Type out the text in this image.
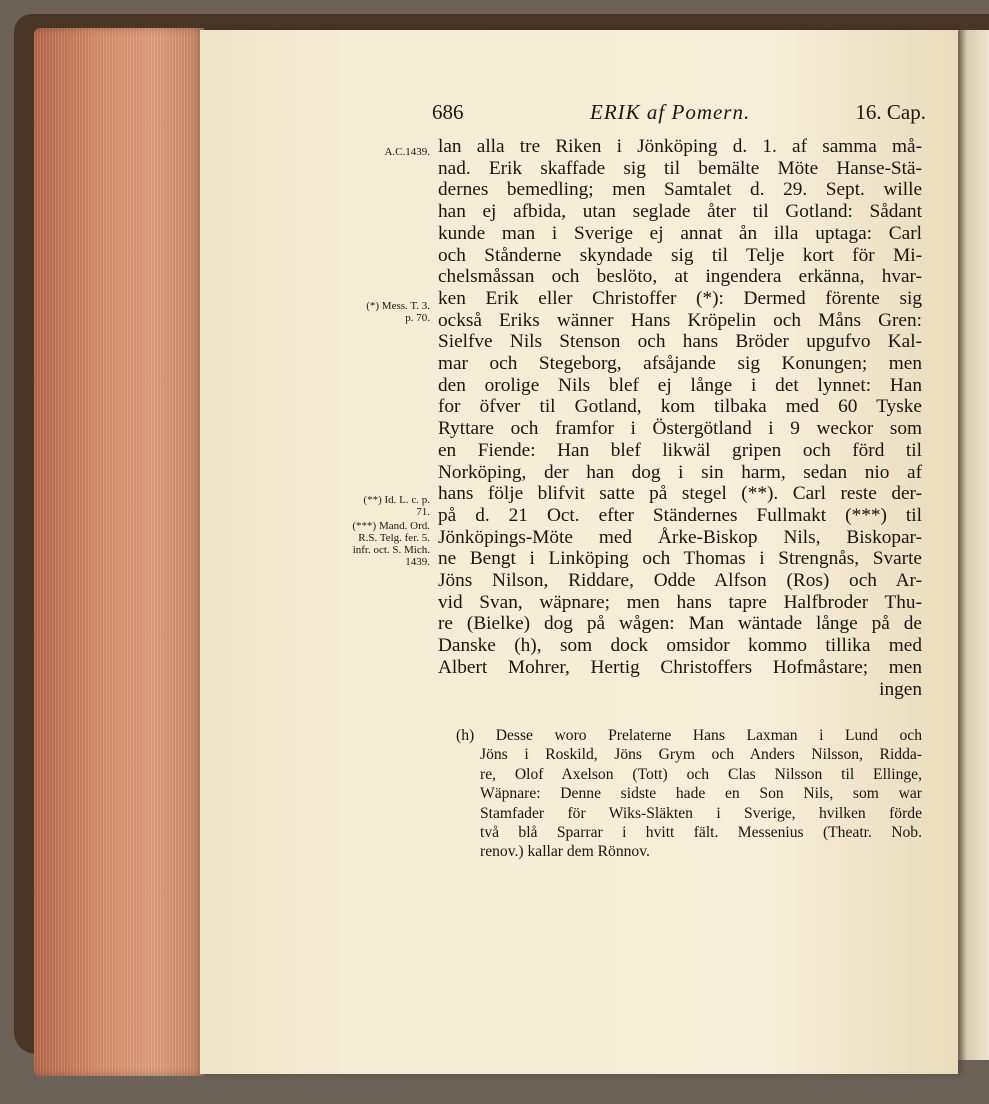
686	ERIK af Pomern.	16. Cap.
A.C.1439.
(*) Mess. T. 3. p. 70.
(**) Id. L. c. p. 71.
(***) Mand. Ord. R.S. Telg. fer. 5. infr. oct. S. Mich. 1439.
lan alla tre Riken i Jönköping d. 1. af samma må-
nad. Erik skaffade sig til bemälte Möte Hanse-Stä-
dernes bemedling; men Samtalet d. 29. Sept. wille
han ej afbida, utan seglade åter til Gotland: Sådant
kunde man i Sverige ej annat ån illa uptaga: Carl
och Stånderne skyndade sig til Telje kort för Mi-
chelsmåssan och beslöto, at ingendera erkänna, hvar-
ken Erik eller Christoffer (*): Dermed förente sig
också Eriks wänner Hans Kröpelin och Måns Gren:
Sielfve Nils Stenson och hans Bröder upgufvo Kal-
mar och Stegeborg, afsåjande sig Konungen; men
den orolige Nils blef ej långe i det lynnet: Han
for öfver til Gotland, kom tilbaka med 60 Tyske
Ryttare och framfor i Östergötland i 9 weckor som
en Fiende: Han blef likwäl gripen och förd til
Norköping, der han dog i sin harm, sedan nio af
hans följe blifvit satte på stegel (**). Carl reste der-
på d. 21 Oct. efter Ständernes Fullmakt (***) til
Jönköpings-Möte med Årke-Biskop Nils, Biskopar-
ne Bengt i Linköping och Thomas i Strengnås, Svarte
Jöns Nilson, Riddare, Odde Alfson (Ros) och Ar-
vid Svan, wäpnare; men hans tapre Halfbroder Thu-
re (Bielke) dog på wågen: Man wäntade långe på de
Danske (h), som dock omsidor kommo tillika med
Albert Mohrer, Hertig Christoffers Hofmåstare; men
ingen
(h) Desse woro Prelaterne Hans Laxman i Lund och
Jöns i Roskild, Jöns Grym och Anders Nilsson, Ridda-
re, Olof Axelson (Tott) och Clas Nilsson til Ellinge,
Wäpnare: Denne sidste hade en Son Nils, som war
Stamfader för Wiks-Släkten i Sverige, hvilken förde
två blå Sparrar i hvitt fält. Messenius (Theatr. Nob.
renov.) kallar dem Rönnov.
